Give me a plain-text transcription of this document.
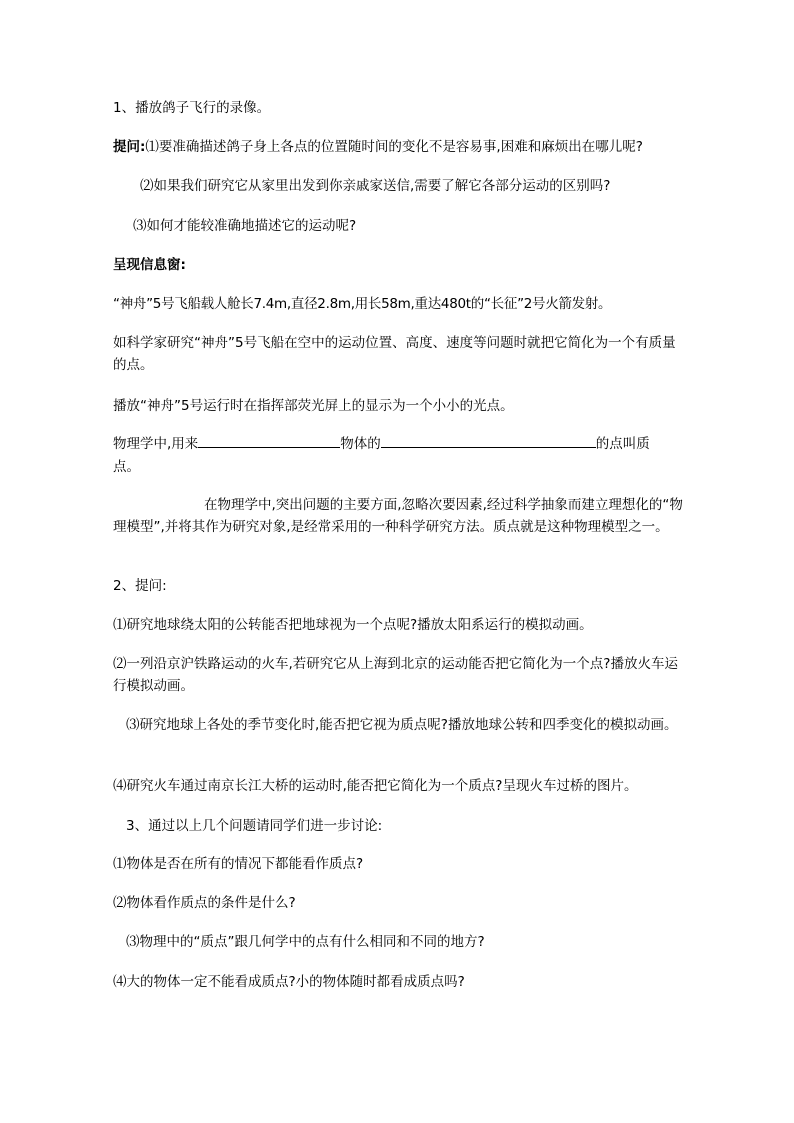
1、播放鸽子飞行的录像。
提问:⑴要准确描述鸽子身上各点的位置随时间的变化不是容易事,困难和麻烦出在哪儿呢?
⑵如果我们研究它从家里出发到你亲戚家送信,需要了解它各部分运动的区别吗?
⑶如何才能较准确地描述它的运动呢?
呈现信息窗:
“神舟”5号飞船载人舱长7.4m,直径2.8m,用长58m,重达480t的“长征”2号火箭发射。
如科学家研究“神舟”5号飞船在空中的运动位置、高度、速度等问题时就把它简化为一个有质量的点。
播放“神舟”5号运行时在指挥部荧光屏上的显示为一个小小的光点。
物理学中,用来	物体的	的点叫质
点。
在物理学中,突出问题的主要方面,忽略次要因素,经过科学抽象而建立理想化的“物理模型”,并将其作为研究对象,是经常采用的一种科学研究方法。质点就是这种物理模型之一。
2、提问:
⑴研究地球绕太阳的公转能否把地球视为一个点呢?播放太阳系运行的模拟动画。
⑵一列沿京沪铁路运动的火车,若研究它从上海到北京的运动能否把它简化为一个点?播放火车运行模拟动画。
⑶研究地球上各处的季节变化时,能否把它视为质点呢?播放地球公转和四季变化的模拟动画。
⑷研究火车通过南京长江大桥的运动时,能否把它简化为一个质点?呈现火车过桥的图片。
3、通过以上几个问题请同学们进一步讨论:
⑴物体是否在所有的情况下都能看作质点?
⑵物体看作质点的条件是什么?
⑶物理中的“质点”跟几何学中的点有什么相同和不同的地方?
⑷大的物体一定不能看成质点?小的物体随时都看成质点吗?
